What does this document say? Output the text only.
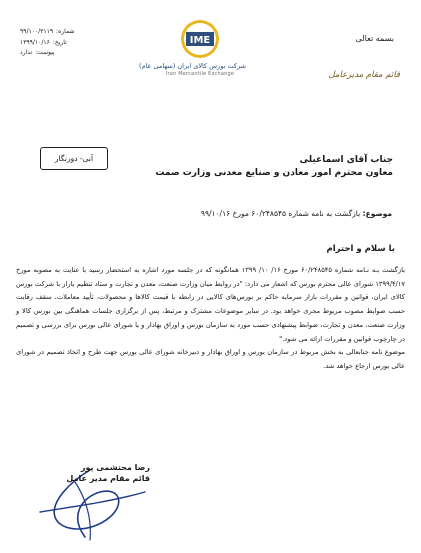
بسمه تعالی
قائم مقام مدیرعامل
IME
شرکت بورس کالای ایران (سهامی عام)
Iran Mercantile Exchange
شماره:
۹۹/۱۰۰/۳۱۱۹
تاریخ:
۱۳۹۹/۱۰/۱۶
پیوست:
ندارد
آنی- دورنگار	جناب آقای اسماعیلی
معاون محترم امور معادن و صنایع معدنی وزارت صمت
موضوع: بازگشت به نامه شماره ۶۰/۲۴۸۵۴۵ مورخ ۹۹/۱۰/۱۶
با سلام و احترام

بازگشت بـه نـامه شماره ۶۰/۲۴۸۵۴۵ مورخ ۱۶/ ۱۰/ ۱۳۹۹ همانگونه که در جلسه مورد اشاره به استحضار رسید با عنایت به مصوبه مورخ ۱۳۹۹/۴/۱۷ شورای عالی محترم بورس که اشعار می دارد: "در روابط میان وزارت صنعت، معدن و تجارت و ستاد تنظیم بازار با شرکت بورس کالای ایران، قوانین و مقررات بازار سرمایه حاکم بر بورس‌های کالایی در رابطه با قیمت کالاها و محصولات، تأیید معاملات، سقف رقابت حسب ضوابط مصوب مربوط مجری خواهد بود. در سایر موضوعات مشترک و مرتبط، پس از برگزاری جلسات هماهنگی بین بورس کالا و وزارت صنعت، معدن و تجارت، ضوابط پیشنهادی حسب مورد به سازمان بورس و اوراق بهادار و یا شورای عالی بورس برای بررسی و تصمیم در چارچوب قوانین و مقررات ارائه می شود."

موضوع نامه جنابعالی به بخش مربوط در سازمان بورس و اوراق بهادار و دبیرخانه شورای عالی بورس جهت طرح و اتخاذ تصمیم در شورای عالی بورس ارجاع خواهد شد.

رضا محتشمی پور
قائم مقام مدیر عامل
